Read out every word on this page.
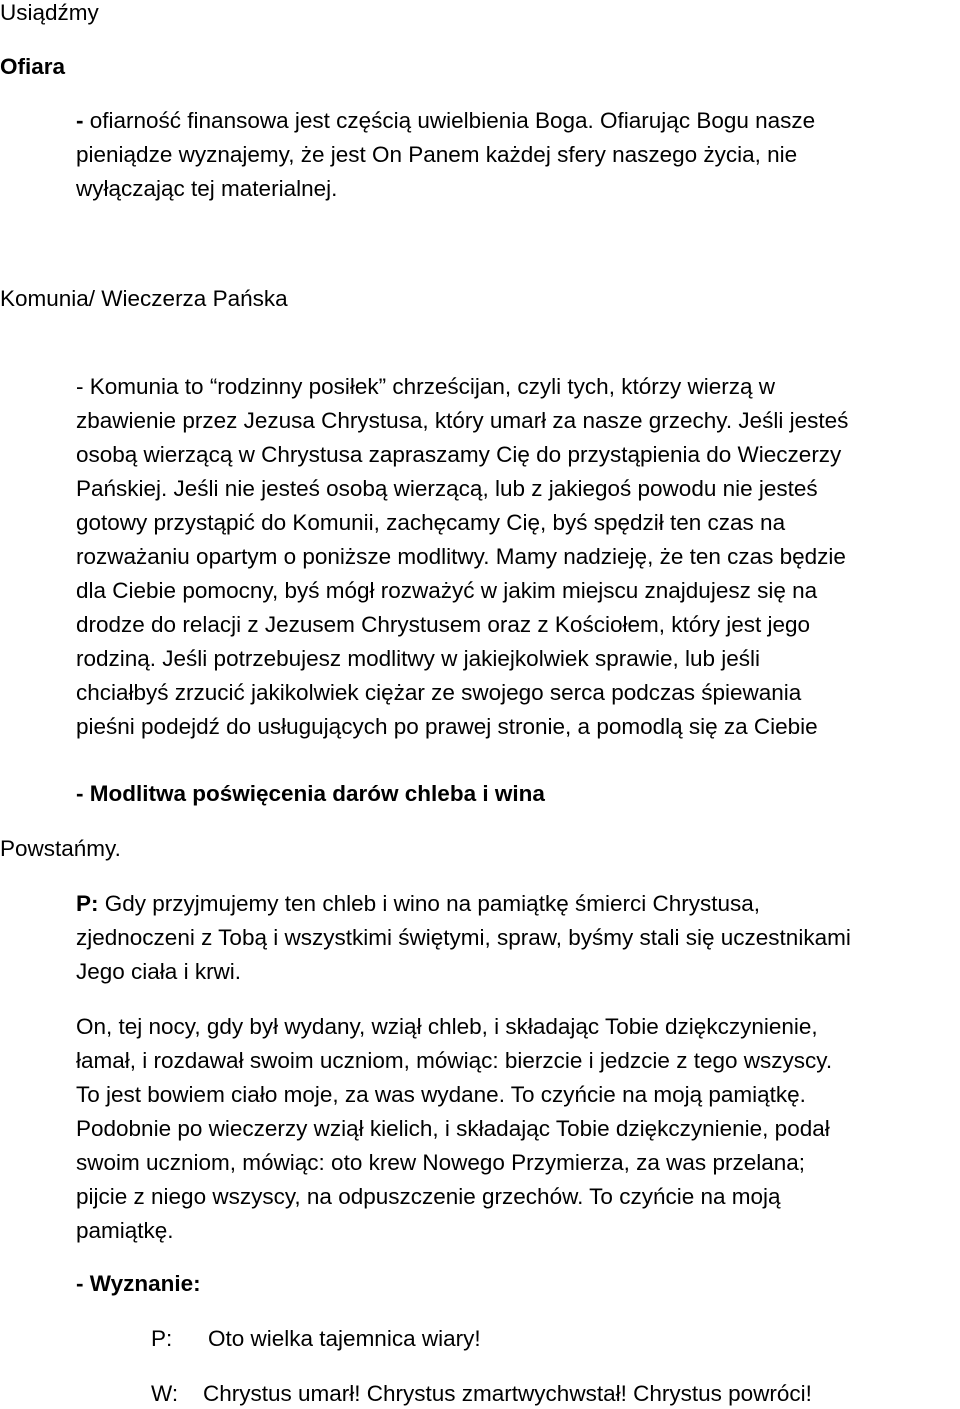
Usiądźmy
Ofiara
- ofiarność finansowa jest częścią uwielbienia Boga. Ofiarując Bogu nasze
pieniądze wyznajemy, że jest On Panem każdej sfery naszego życia, nie
wyłączając tej materialnej.
Komunia/ Wieczerza Pańska
- Komunia to “rodzinny posiłek” chrześcijan, czyli tych, którzy wierzą w
zbawienie przez Jezusa Chrystusa, który umarł za nasze grzechy. Jeśli jesteś
osobą wierzącą w Chrystusa zapraszamy Cię do przystąpienia do Wieczerzy
Pańskiej. Jeśli nie jesteś osobą wierzącą, lub z jakiegoś powodu nie jesteś
gotowy przystąpić do Komunii, zachęcamy Cię, byś spędził ten czas na
rozważaniu opartym o poniższe modlitwy. Mamy nadzieję, że ten czas będzie
dla Ciebie pomocny, byś mógł rozważyć w jakim miejscu znajdujesz się na
drodze do relacji z Jezusem Chrystusem oraz z Kościołem, który jest jego
rodziną. Jeśli potrzebujesz modlitwy w jakiejkolwiek sprawie, lub jeśli
chciałbyś zrzucić jakikolwiek ciężar ze swojego serca podczas śpiewania
pieśni podejdź do usługujących po prawej stronie, a pomodlą się za Ciebie
- Modlitwa poświęcenia darów chleba i wina
Powstańmy.
P: Gdy przyjmujemy ten chleb i wino na pamiątkę śmierci Chrystusa,
zjednoczeni z Tobą i wszystkimi świętymi, spraw, byśmy stali się uczestnikami
Jego ciała i krwi.
On, tej nocy, gdy był wydany, wziął chleb, i składając Tobie dziękczynienie,
łamał, i rozdawał swoim uczniom, mówiąc: bierzcie i jedzcie z tego wszyscy.
To jest bowiem ciało moje, za was wydane. To czyńcie na moją pamiątkę.
Podobnie po wieczerzy wziął kielich, i składając Tobie dziękczynienie, podał
swoim uczniom, mówiąc: oto krew Nowego Przymierza, za was przelana;
pijcie z niego wszyscy, na odpuszczenie grzechów. To czyńcie na moją
pamiątkę.
- Wyznanie:
P: Oto wielka tajemnica wiary!
W: Chrystus umarł! Chrystus zmartwychwstał! Chrystus powróci!
